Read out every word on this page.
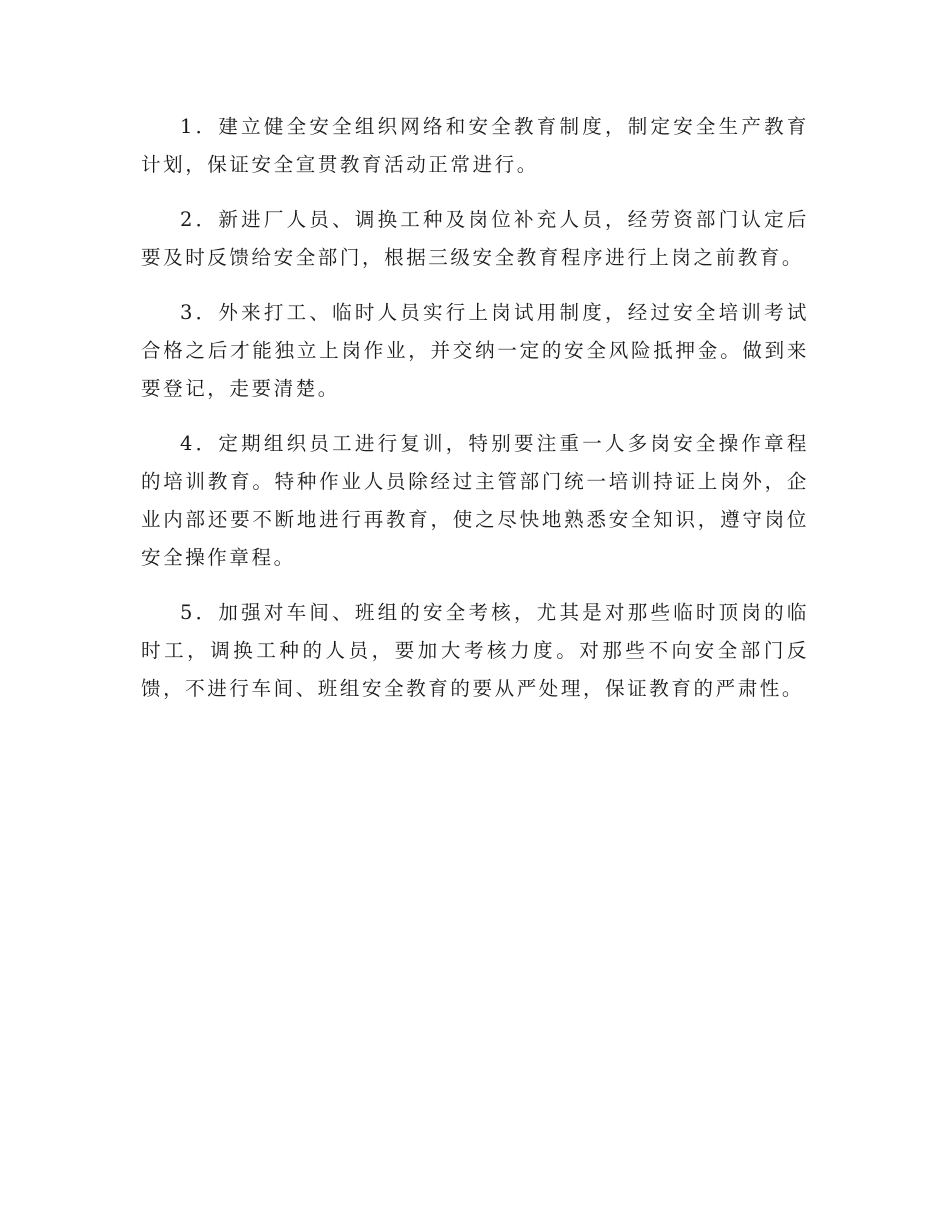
1．建立健全安全组织网络和安全教育制度，制定安全生产教育计划，保证安全宣贯教育活动正常进行。

2．新进厂人员、调换工种及岗位补充人员，经劳资部门认定后要及时反馈给安全部门，根据三级安全教育程序进行上岗之前教育。

3．外来打工、临时人员实行上岗试用制度，经过安全培训考试合格之后才能独立上岗作业，并交纳一定的安全风险抵押金。做到来要登记，走要清楚。

4．定期组织员工进行复训，特别要注重一人多岗安全操作章程的培训教育。特种作业人员除经过主管部门统一培训持证上岗外，企业内部还要不断地进行再教育，使之尽快地熟悉安全知识，遵守岗位安全操作章程。

5．加强对车间、班组的安全考核，尤其是对那些临时顶岗的临时工，调换工种的人员，要加大考核力度。对那些不向安全部门反馈，不进行车间、班组安全教育的要从严处理，保证教育的严肃性。
